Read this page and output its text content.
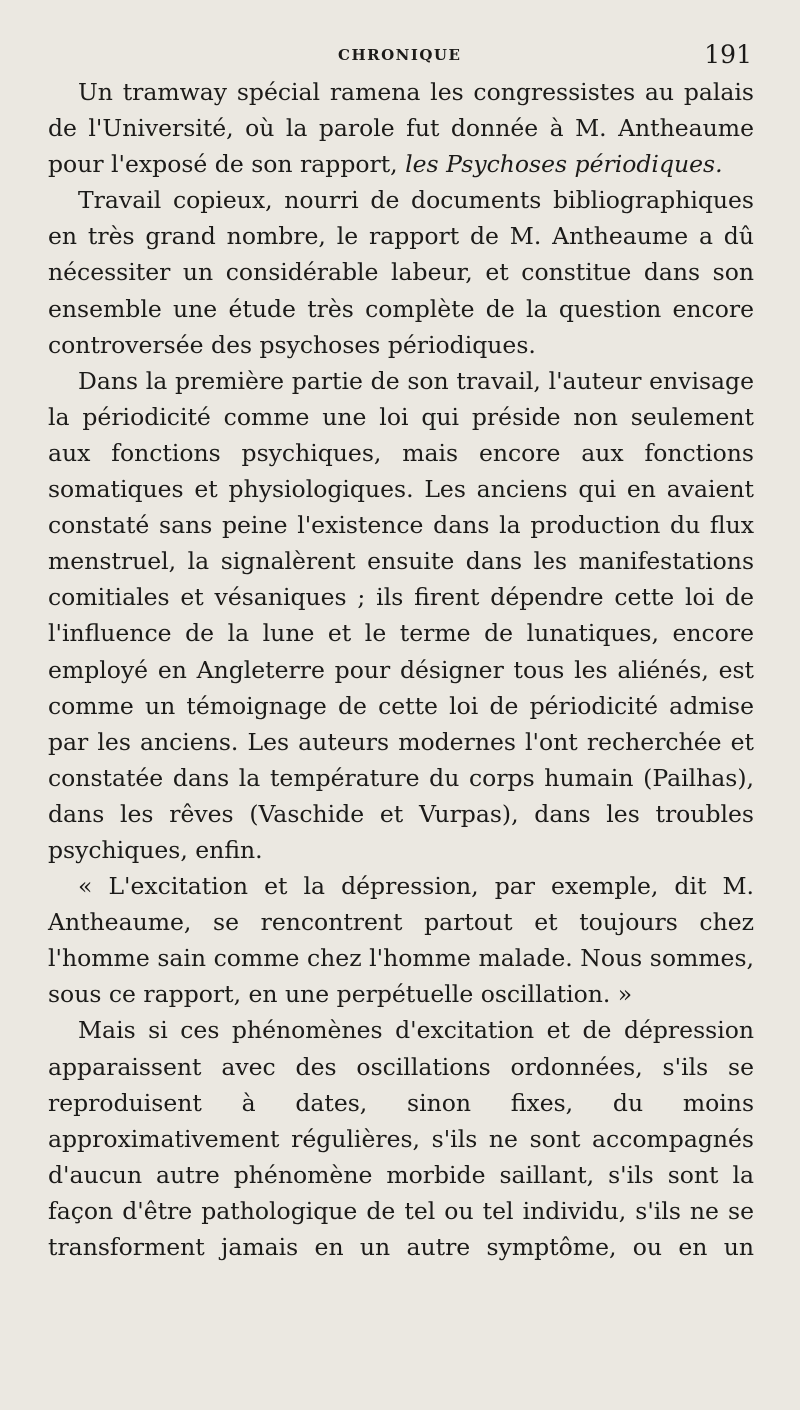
CHRONIQUE	191

Un tramway spécial ramena les congressistes au palais de l'Université, où la parole fut donnée à M. Antheaume pour l'exposé de son rapport, les Psychoses périodiques.

Travail copieux, nourri de documents bibliographiques en très grand nombre, le rapport de M. Antheaume a dû nécessiter un considérable labeur, et constitue dans son ensemble une étude très complète de la question encore controversée des psychoses périodiques.

Dans la première partie de son travail, l'auteur envisage la périodicité comme une loi qui préside non seulement aux fonctions psychiques, mais encore aux fonctions somatiques et physiologiques. Les anciens qui en avaient constaté sans peine l'existence dans la production du flux menstruel, la signalèrent ensuite dans les manifestations comitiales et vésaniques ; ils firent dépendre cette loi de l'influence de la lune et le terme de lunatiques, encore employé en Angleterre pour désigner tous les aliénés, est comme un témoignage de cette loi de périodicité admise par les anciens. Les auteurs modernes l'ont recherchée et constatée dans la température du corps humain (Pailhas), dans les rêves (Vaschide et Vurpas), dans les troubles psychiques, enfin.

« L'excitation et la dépression, par exemple, dit M. Antheaume, se rencontrent partout et toujours chez l'homme sain comme chez l'homme malade. Nous sommes, sous ce rapport, en une perpétuelle oscillation. »

Mais si ces phénomènes d'excitation et de dépression apparaissent avec des oscillations ordonnées, s'ils se reproduisent à dates, sinon fixes, du moins approximativement régulières, s'ils ne sont accompagnés d'aucun autre phénomène morbide saillant, s'ils sont la façon d'être pathologique de tel ou tel individu, s'ils ne se transforment jamais en un autre symptôme, ou en un
